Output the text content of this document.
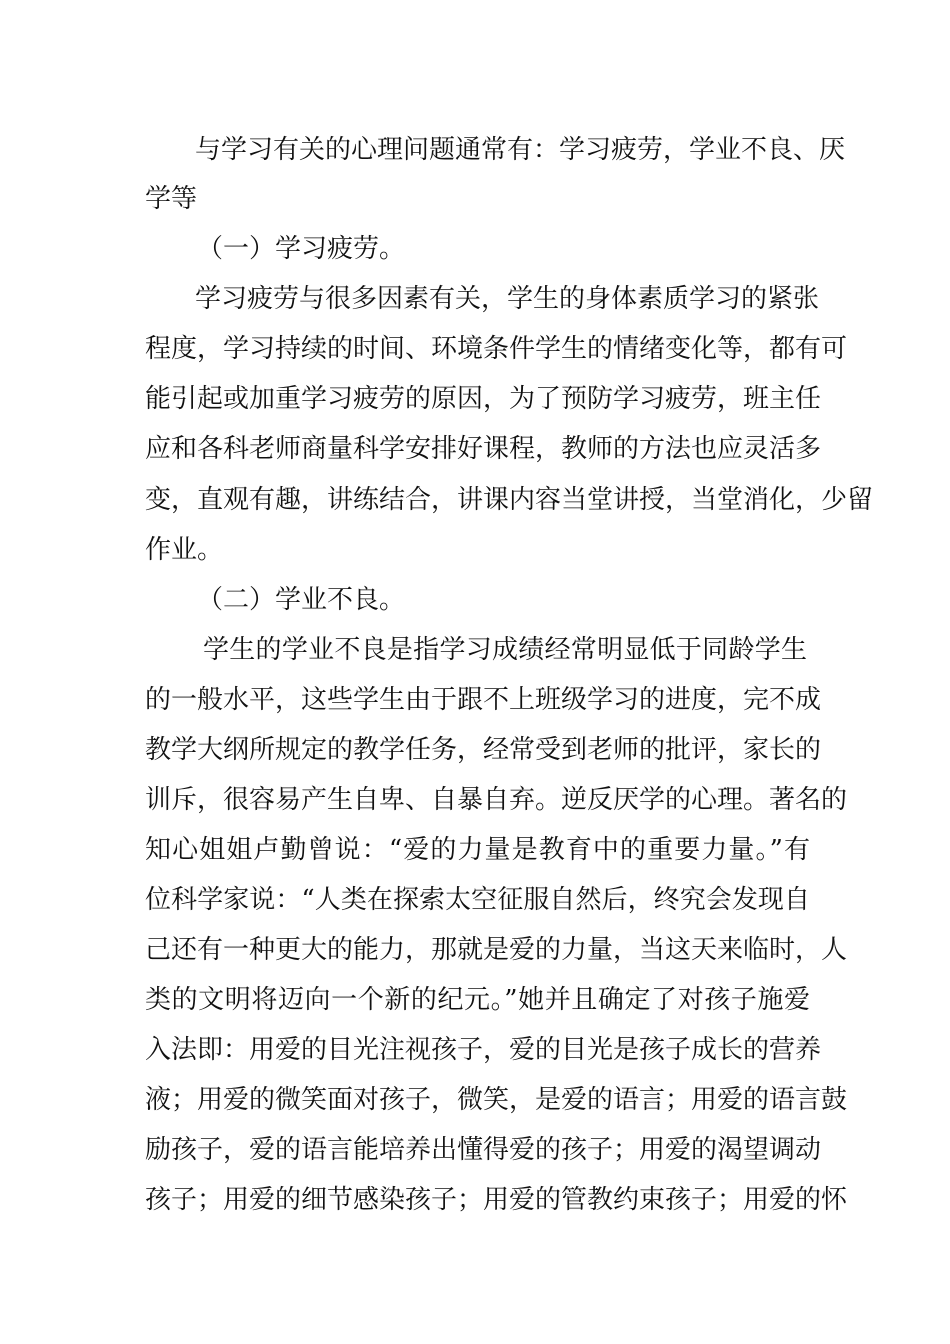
与学习有关的心理问题通常有：学习疲劳，学业不良、厌
学等
（一）学习疲劳。
学习疲劳与很多因素有关，学生的身体素质学习的紧张
程度，学习持续的时间、环境条件学生的情绪变化等，都有可
能引起或加重学习疲劳的原因，为了预防学习疲劳，班主任
应和各科老师商量科学安排好课程，教师的方法也应灵活多
变，直观有趣，讲练结合，讲课内容当堂讲授，当堂消化，少留
作业。
（二）学业不良。
学生的学业不良是指学习成绩经常明显低于同龄学生
的一般水平，这些学生由于跟不上班级学习的进度，完不成
教学大纲所规定的教学任务，经常受到老师的批评，家长的
训斥，很容易产生自卑、自暴自弃。逆反厌学的心理。著名的
知心姐姐卢勤曾说：“爱的力量是教育中的重要力量。”有
位科学家说：“人类在探索太空征服自然后，终究会发现自
己还有一种更大的能力，那就是爱的力量，当这天来临时，人
类的文明将迈向一个新的纪元。”她并且确定了对孩子施爱
入法即：用爱的目光注视孩子，爱的目光是孩子成长的营养
液；用爱的微笑面对孩子，微笑，是爱的语言；用爱的语言鼓
励孩子，爱的语言能培养出懂得爱的孩子；用爱的渴望调动
孩子；用爱的细节感染孩子；用爱的管教约束孩子；用爱的怀
